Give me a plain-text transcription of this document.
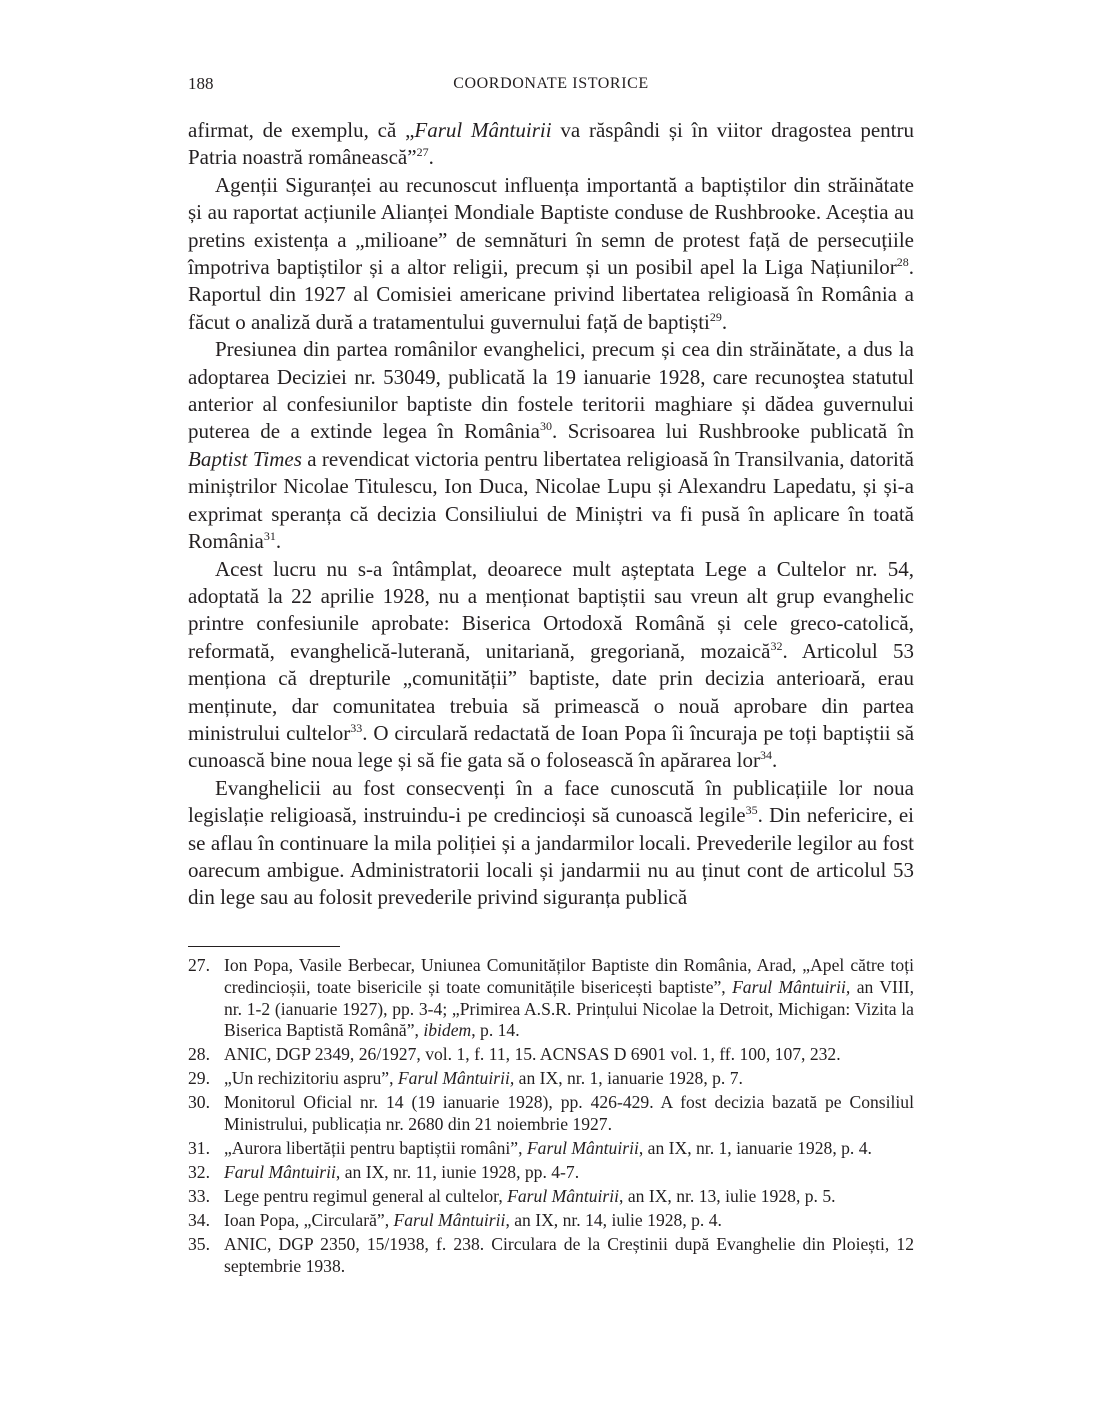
188	COORDONATE ISTORICE

afirmat, de exemplu, că „Farul Mântuirii va răspândi și în viitor dragostea pentru Patria noastră românească”$^{27}$.

Agenții Siguranței au recunoscut influența importantă a baptiștilor din străinătate și au raportat acțiunile Alianței Mondiale Baptiste conduse de Rushbrooke. Aceștia au pretins existența a „milioane” de semnături în semn de protest față de persecuțiile împotriva baptiștilor și a altor religii, precum și un posibil apel la Liga Națiunilor$^{28}$. Raportul din 1927 al Comisiei americane privind libertatea religioasă în România a făcut o analiză dură a tratamentului guvernului față de baptiști$^{29}$.

Presiunea din partea românilor evanghelici, precum și cea din străinătate, a dus la adoptarea Deciziei nr. 53049, publicată la 19 ianuarie 1928, care recunoştea statutul anterior al confesiunilor baptiste din fostele teritorii maghiare și dădea guvernului puterea de a extinde legea în România$^{30}$. Scrisoarea lui Rushbrooke publicată în Baptist Times a revendicat victoria pentru libertatea religioasă în Transilvania, datorită miniștrilor Nicolae Titulescu, Ion Duca, Nicolae Lupu și Alexandru Lapedatu, și și-a exprimat speranța că decizia Consiliului de Miniștri va fi pusă în aplicare în toată România$^{31}$.

Acest lucru nu s-a întâmplat, deoarece mult așteptata Lege a Cultelor nr. 54, adoptată la 22 aprilie 1928, nu a menționat baptiștii sau vreun alt grup evanghelic printre confesiunile aprobate: Biserica Ortodoxă Română și cele greco-catolică, reformată, evanghelică-luterană, unitariană, gregoriană, mozaică$^{32}$. Articolul 53 menționa că drepturile „comunității” baptiste, date prin decizia anterioară, erau menținute, dar comunitatea trebuia să primească o nouă aprobare din partea ministrului cultelor$^{33}$. O circulară redactată de Ioan Popa îi încuraja pe toți baptiștii să cunoască bine noua lege și să fie gata să o folosească în apărarea lor$^{34}$.

Evanghelicii au fost consecvenți în a face cunoscută în publicațiile lor noua legislație religioasă, instruindu-i pe credincioși să cunoască legile$^{35}$. Din nefericire, ei se aflau în continuare la mila poliției și a jandarmilor locali. Prevederile legilor au fost oarecum ambigue. Administratorii locali și jandarmii nu au ținut cont de articolul 53 din lege sau au folosit prevederile privind siguranța publică

27. Ion Popa, Vasile Berbecar, Uniunea Comunităților Baptiste din România, Arad, „Apel către toți credincioșii, toate bisericile și toate comunitățile bisericești baptiste”, Farul Mântuirii, an VIII, nr. 1-2 (ianuarie 1927), pp. 3-4; „Primirea A.S.R. Prințului Nicolae la Detroit, Michigan: Vizita la Biserica Baptistă Română”, ibidem, p. 14.
28. ANIC, DGP 2349, 26/1927, vol. 1, f. 11, 15. ACNSAS D 6901 vol. 1, ff. 100, 107, 232.
29. „Un rechizitoriu aspru”, Farul Mântuirii, an IX, nr. 1, ianuarie 1928, p. 7.
30. Monitorul Oficial nr. 14 (19 ianuarie 1928), pp. 426-429. A fost decizia bazată pe Consiliul Ministrului, publicația nr. 2680 din 21 noiembrie 1927.
31. „Aurora libertății pentru baptiștii români”, Farul Mântuirii, an IX, nr. 1, ianuarie 1928, p. 4.
32. Farul Mântuirii, an IX, nr. 11, iunie 1928, pp. 4-7.
33. Lege pentru regimul general al cultelor, Farul Mântuirii, an IX, nr. 13, iulie 1928, p. 5.
34. Ioan Popa, „Circulară”, Farul Mântuirii, an IX, nr. 14, iulie 1928, p. 4.
35. ANIC, DGP 2350, 15/1938, f. 238. Circulara de la Creștinii după Evanghelie din Ploiești, 12 septembrie 1938.
